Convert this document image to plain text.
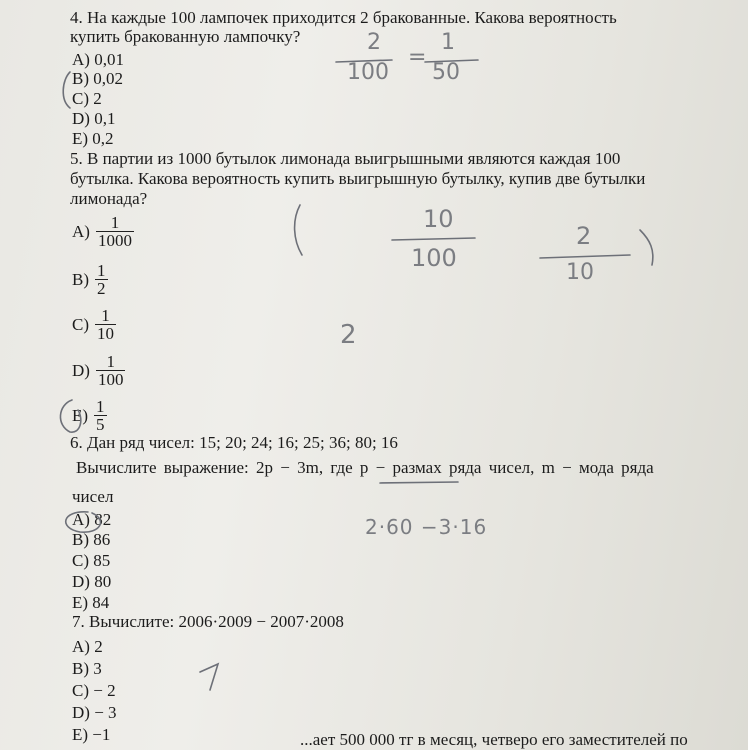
4. На каждые 100 лампочек приходится 2 бракованные. Какова вероятность
купить бракованную лампочку?
A) 0,01
B) 0,02
C) 2
D) 0,1
E) 0,2
2
100
=
1
50
5. В партии из 1000 бутылок лимонада выигрышными являются каждая 100
бутылка. Какова вероятность купить выигрышную бутылку, купив две бутылки
лимонада?
$A) \frac{1}{1000}$
$B) \frac{1}{2}$
$C) \frac{1}{10}$
$D) \frac{1}{100}$
$E) \frac{1}{5}$
10
100
2
10
2
6. Дан ряд чисел: 15; 20; 24; 16; 25; 36; 80; 16
Вычислите выражение: 2p − 3m, где p − размах ряда чисел, m − мода ряда
чисел
A) 82
B) 86
C) 85
D) 80
E) 84
2·60 −3·16
7. Вычислите: 2006·2009 − 2007·2008
A) 2
B) 3
C) − 2
D) − 3
E) −1	...ает 500 000 тг в месяц, четверо его заместителей по
